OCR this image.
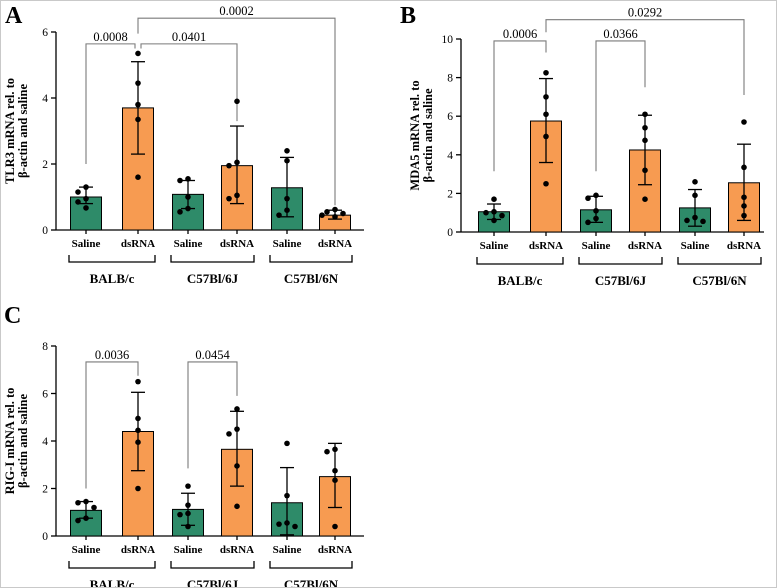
A	B
C
0
2
4
6
TLR3 mRNA rel. to β-actin and saline
Saline dsRNA Saline dsRNA Saline dsRNA
BALB/c	C57Bl/6J	C57Bl/6N
0.0008	0.0401
0.0002
0
2
4
6
8
10
MDA5 mRNA rel. to β-actin and saline
Saline dsRNA Saline dsRNA Saline dsRNA
BALB/c	C57Bl/6J	C57Bl/6N
0.0006	0.0366
0.0292
0
2
4
6
8
RIG-I mRNA rel. to β-actin and saline
Saline dsRNA Saline dsRNA Saline dsRNA
BALB/c	C57Bl/6J	C57Bl/6N
0.0036	0.0454
